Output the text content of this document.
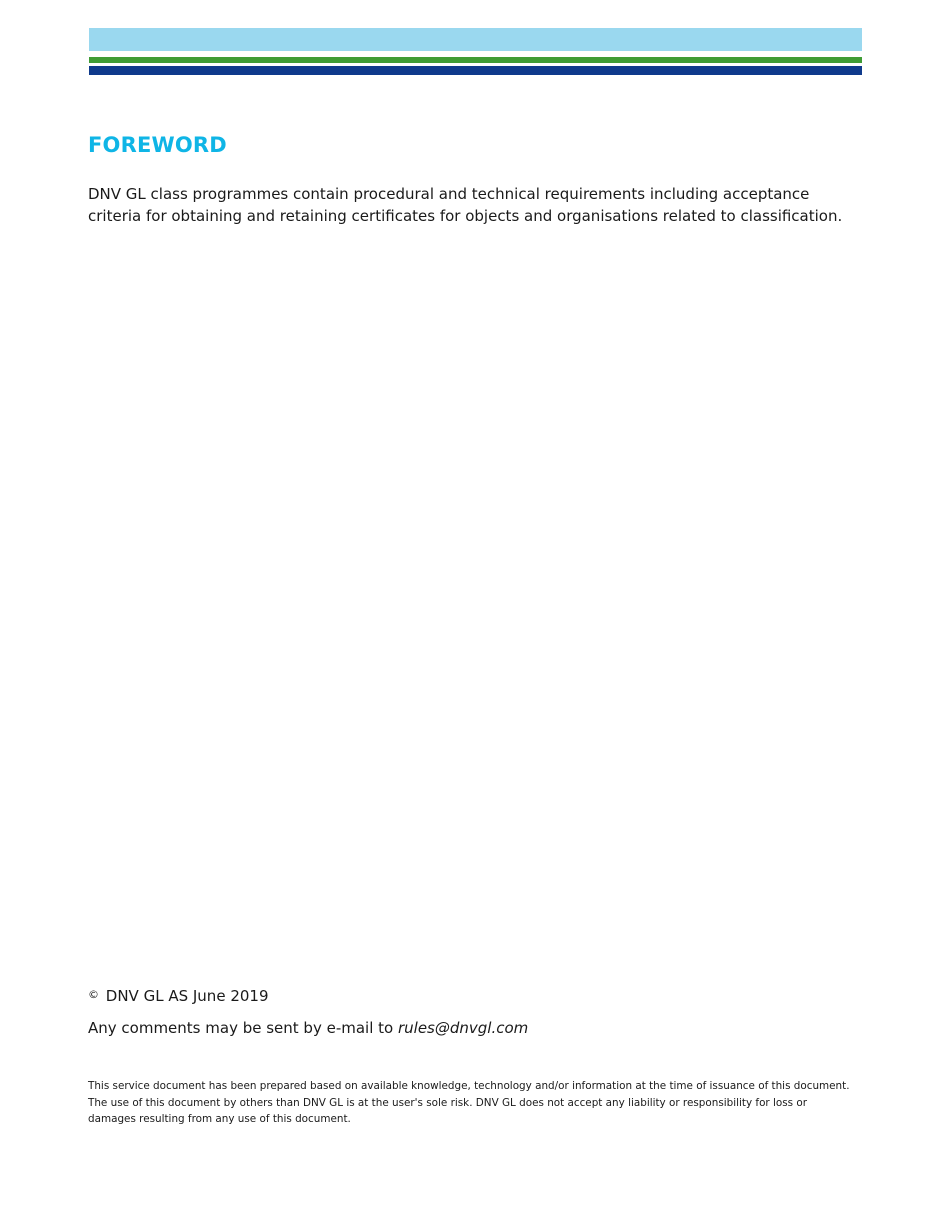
FOREWORD

DNV GL class programmes contain procedural and technical requirements including acceptance criteria for obtaining and retaining certificates for objects and organisations related to classification.

© DNV GL AS June 2019

Any comments may be sent by e-mail to rules@dnvgl.com

This service document has been prepared based on available knowledge, technology and/or information at the time of issuance of this document. The use of this document by others than DNV GL is at the user's sole risk. DNV GL does not accept any liability or responsibility for loss or damages resulting from any use of this document.
